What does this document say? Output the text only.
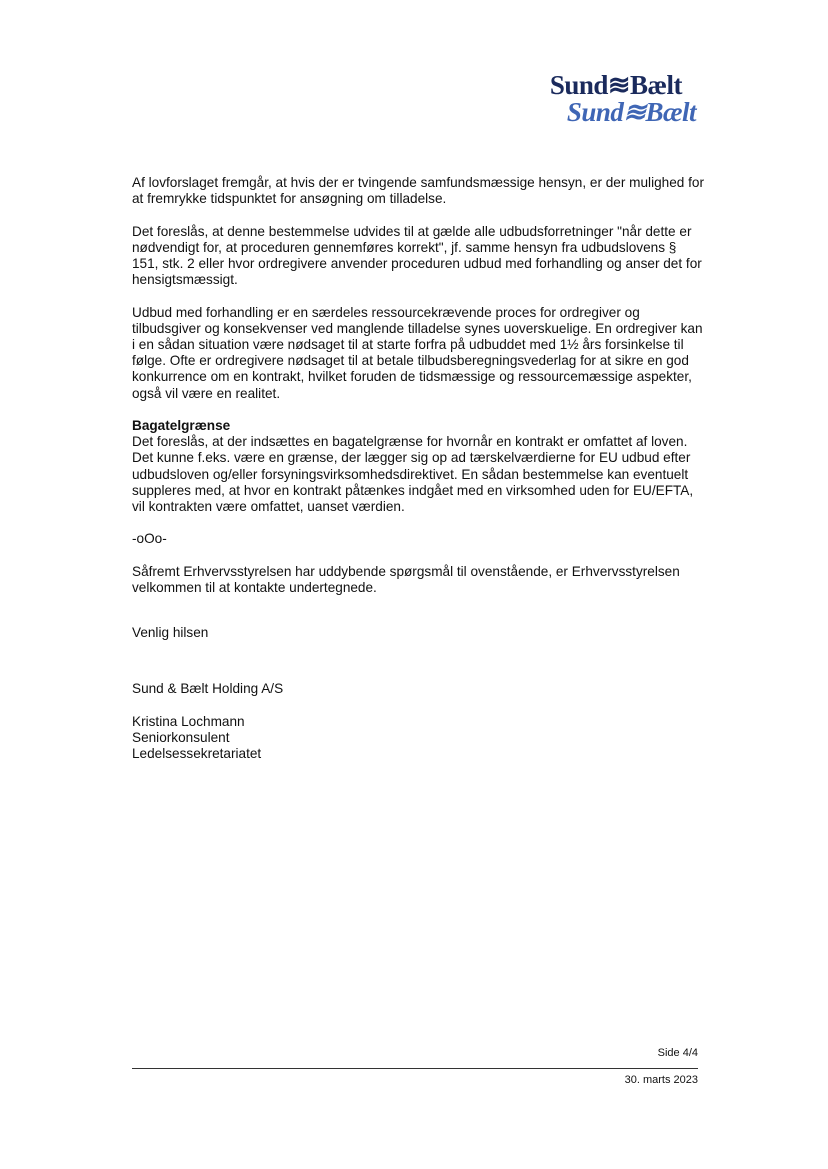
Sund≋Bælt
Sund≋Bælt

Af lovforslaget fremgår, at hvis der er tvingende samfundsmæssige hensyn, er der mulighed for at fremrykke tidspunktet for ansøgning om tilladelse.

Det foreslås, at denne bestemmelse udvides til at gælde alle udbudsforretninger "når dette er nødvendigt for, at proceduren gennemføres korrekt", jf. samme hensyn fra udbudslovens § 151, stk. 2 eller hvor ordregivere anvender proceduren udbud med forhandling og anser det for hensigtsmæssigt.

Udbud med forhandling er en særdeles ressourcekrævende proces for ordregiver og tilbudsgiver og konsekvenser ved manglende tilladelse synes uoverskuelige. En ordregiver kan i en sådan situation være nødsaget til at starte forfra på udbuddet med 1½ års forsinkelse til følge. Ofte er ordregivere nødsaget til at betale tilbudsberegningsvederlag for at sikre en god konkurrence om en kontrakt, hvilket foruden de tidsmæssige og ressourcemæssige aspekter, også vil være en realitet.

Bagatelgrænse

Det foreslås, at der indsættes en bagatelgrænse for hvornår en kontrakt er omfattet af loven. Det kunne f.eks. være en grænse, der lægger sig op ad tærskelværdierne for EU udbud efter udbudsloven og/eller forsyningsvirksomhedsdirektivet. En sådan bestemmelse kan eventuelt suppleres med, at hvor en kontrakt påtænkes indgået med en virksomhed uden for EU/EFTA, vil kontrakten være omfattet, uanset værdien.

-oOo-

Såfremt Erhvervsstyrelsen har uddybende spørgsmål til ovenstående, er Erhvervsstyrelsen velkommen til at kontakte undertegnede.

Venlig hilsen

Sund & Bælt Holding A/S

Kristina Lochmann

Seniorkonsulent

Ledelsessekretariatet

Side 4/4
30. marts 2023
